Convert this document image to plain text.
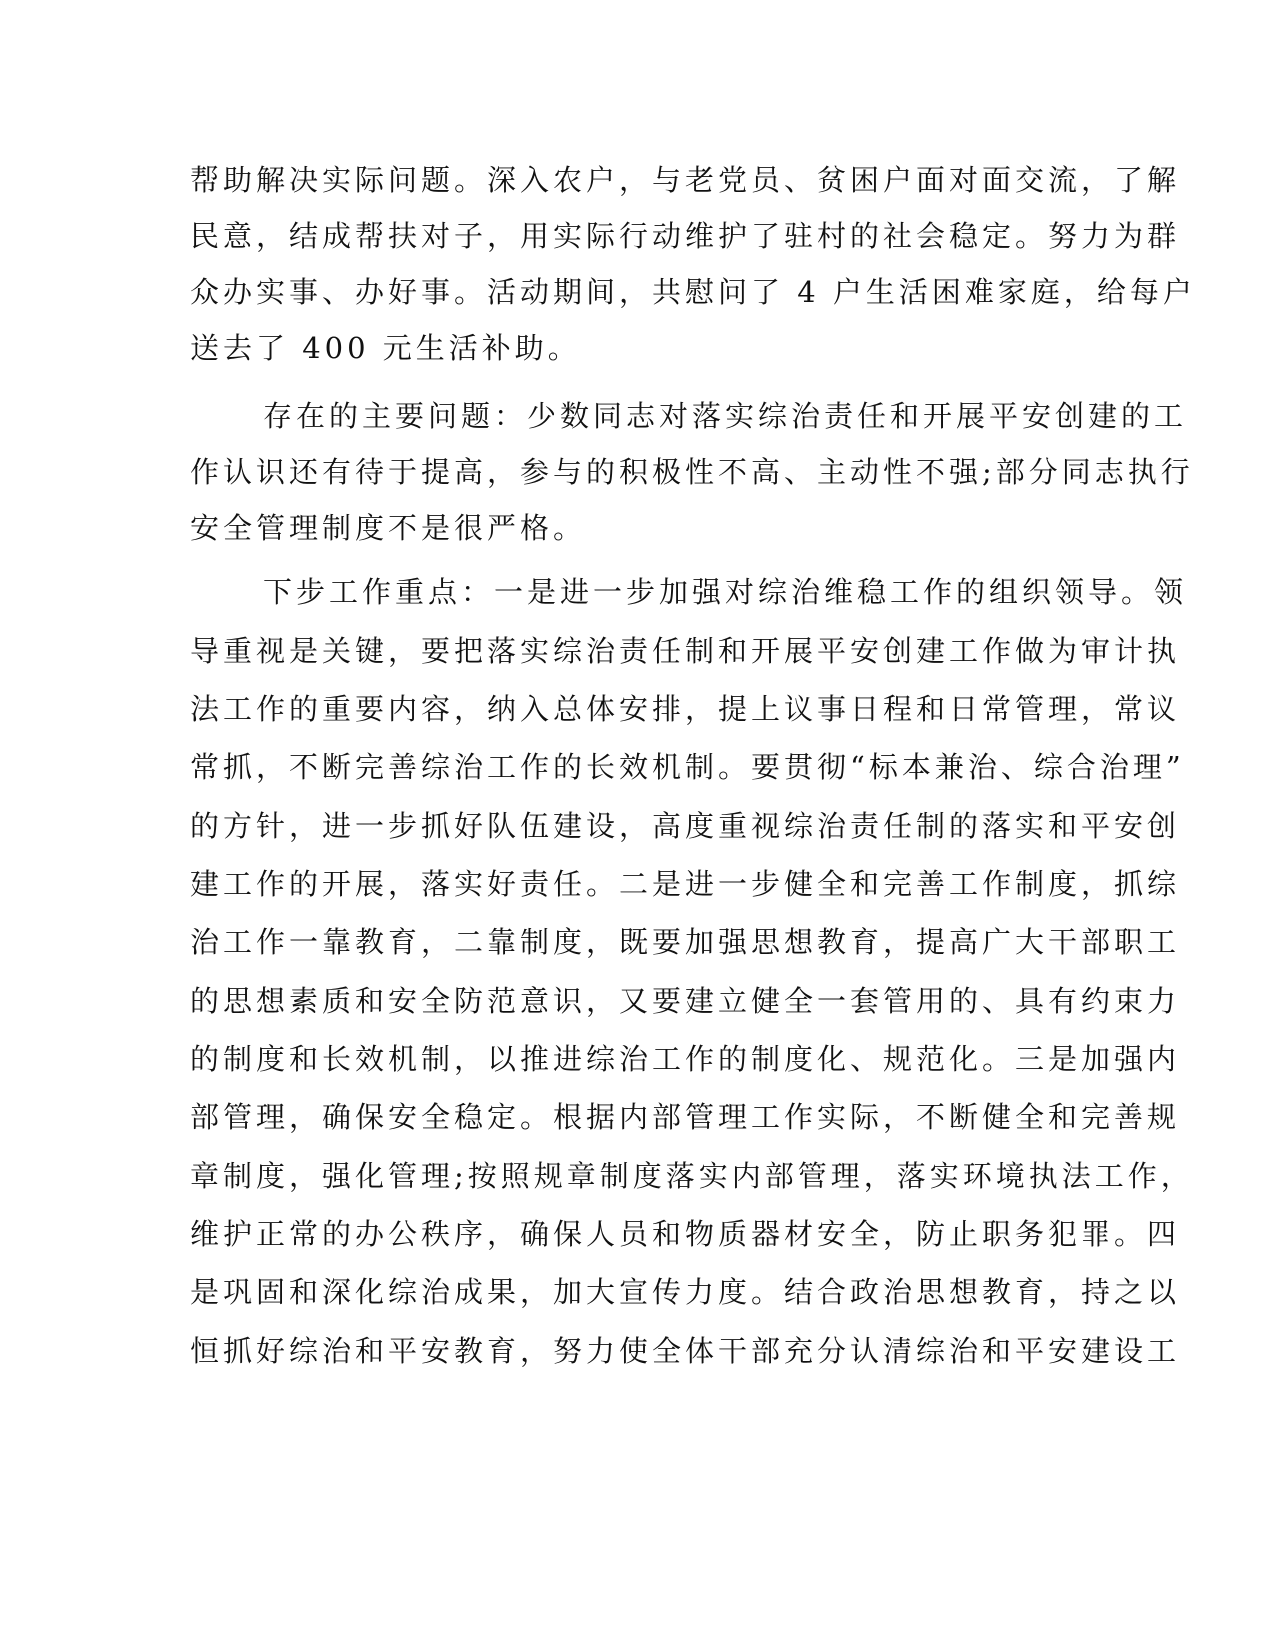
帮助解决实际问题。深入农户，与老党员、贫困户面对面交流，了解
民意，结成帮扶对子，用实际行动维护了驻村的社会稳定。努力为群
众办实事、办好事。活动期间，共慰问了 4 户生活困难家庭，给每户
送去了 400 元生活补助。
存在的主要问题：少数同志对落实综治责任和开展平安创建的工
作认识还有待于提高，参与的积极性不高、主动性不强;部分同志执行
安全管理制度不是很严格。
下步工作重点：一是进一步加强对综治维稳工作的组织领导。领
导重视是关键，要把落实综治责任制和开展平安创建工作做为审计执
法工作的重要内容，纳入总体安排，提上议事日程和日常管理，常议
常抓，不断完善综治工作的长效机制。要贯彻“标本兼治、综合治理”
的方针，进一步抓好队伍建设，高度重视综治责任制的落实和平安创
建工作的开展，落实好责任。二是进一步健全和完善工作制度，抓综
治工作一靠教育，二靠制度，既要加强思想教育，提高广大干部职工
的思想素质和安全防范意识，又要建立健全一套管用的、具有约束力
的制度和长效机制，以推进综治工作的制度化、规范化。三是加强内
部管理，确保安全稳定。根据内部管理工作实际，不断健全和完善规
章制度，强化管理;按照规章制度落实内部管理，落实环境执法工作，
维护正常的办公秩序，确保人员和物质器材安全，防止职务犯罪。四
是巩固和深化综治成果，加大宣传力度。结合政治思想教育，持之以
恒抓好综治和平安教育，努力使全体干部充分认清综治和平安建设工
